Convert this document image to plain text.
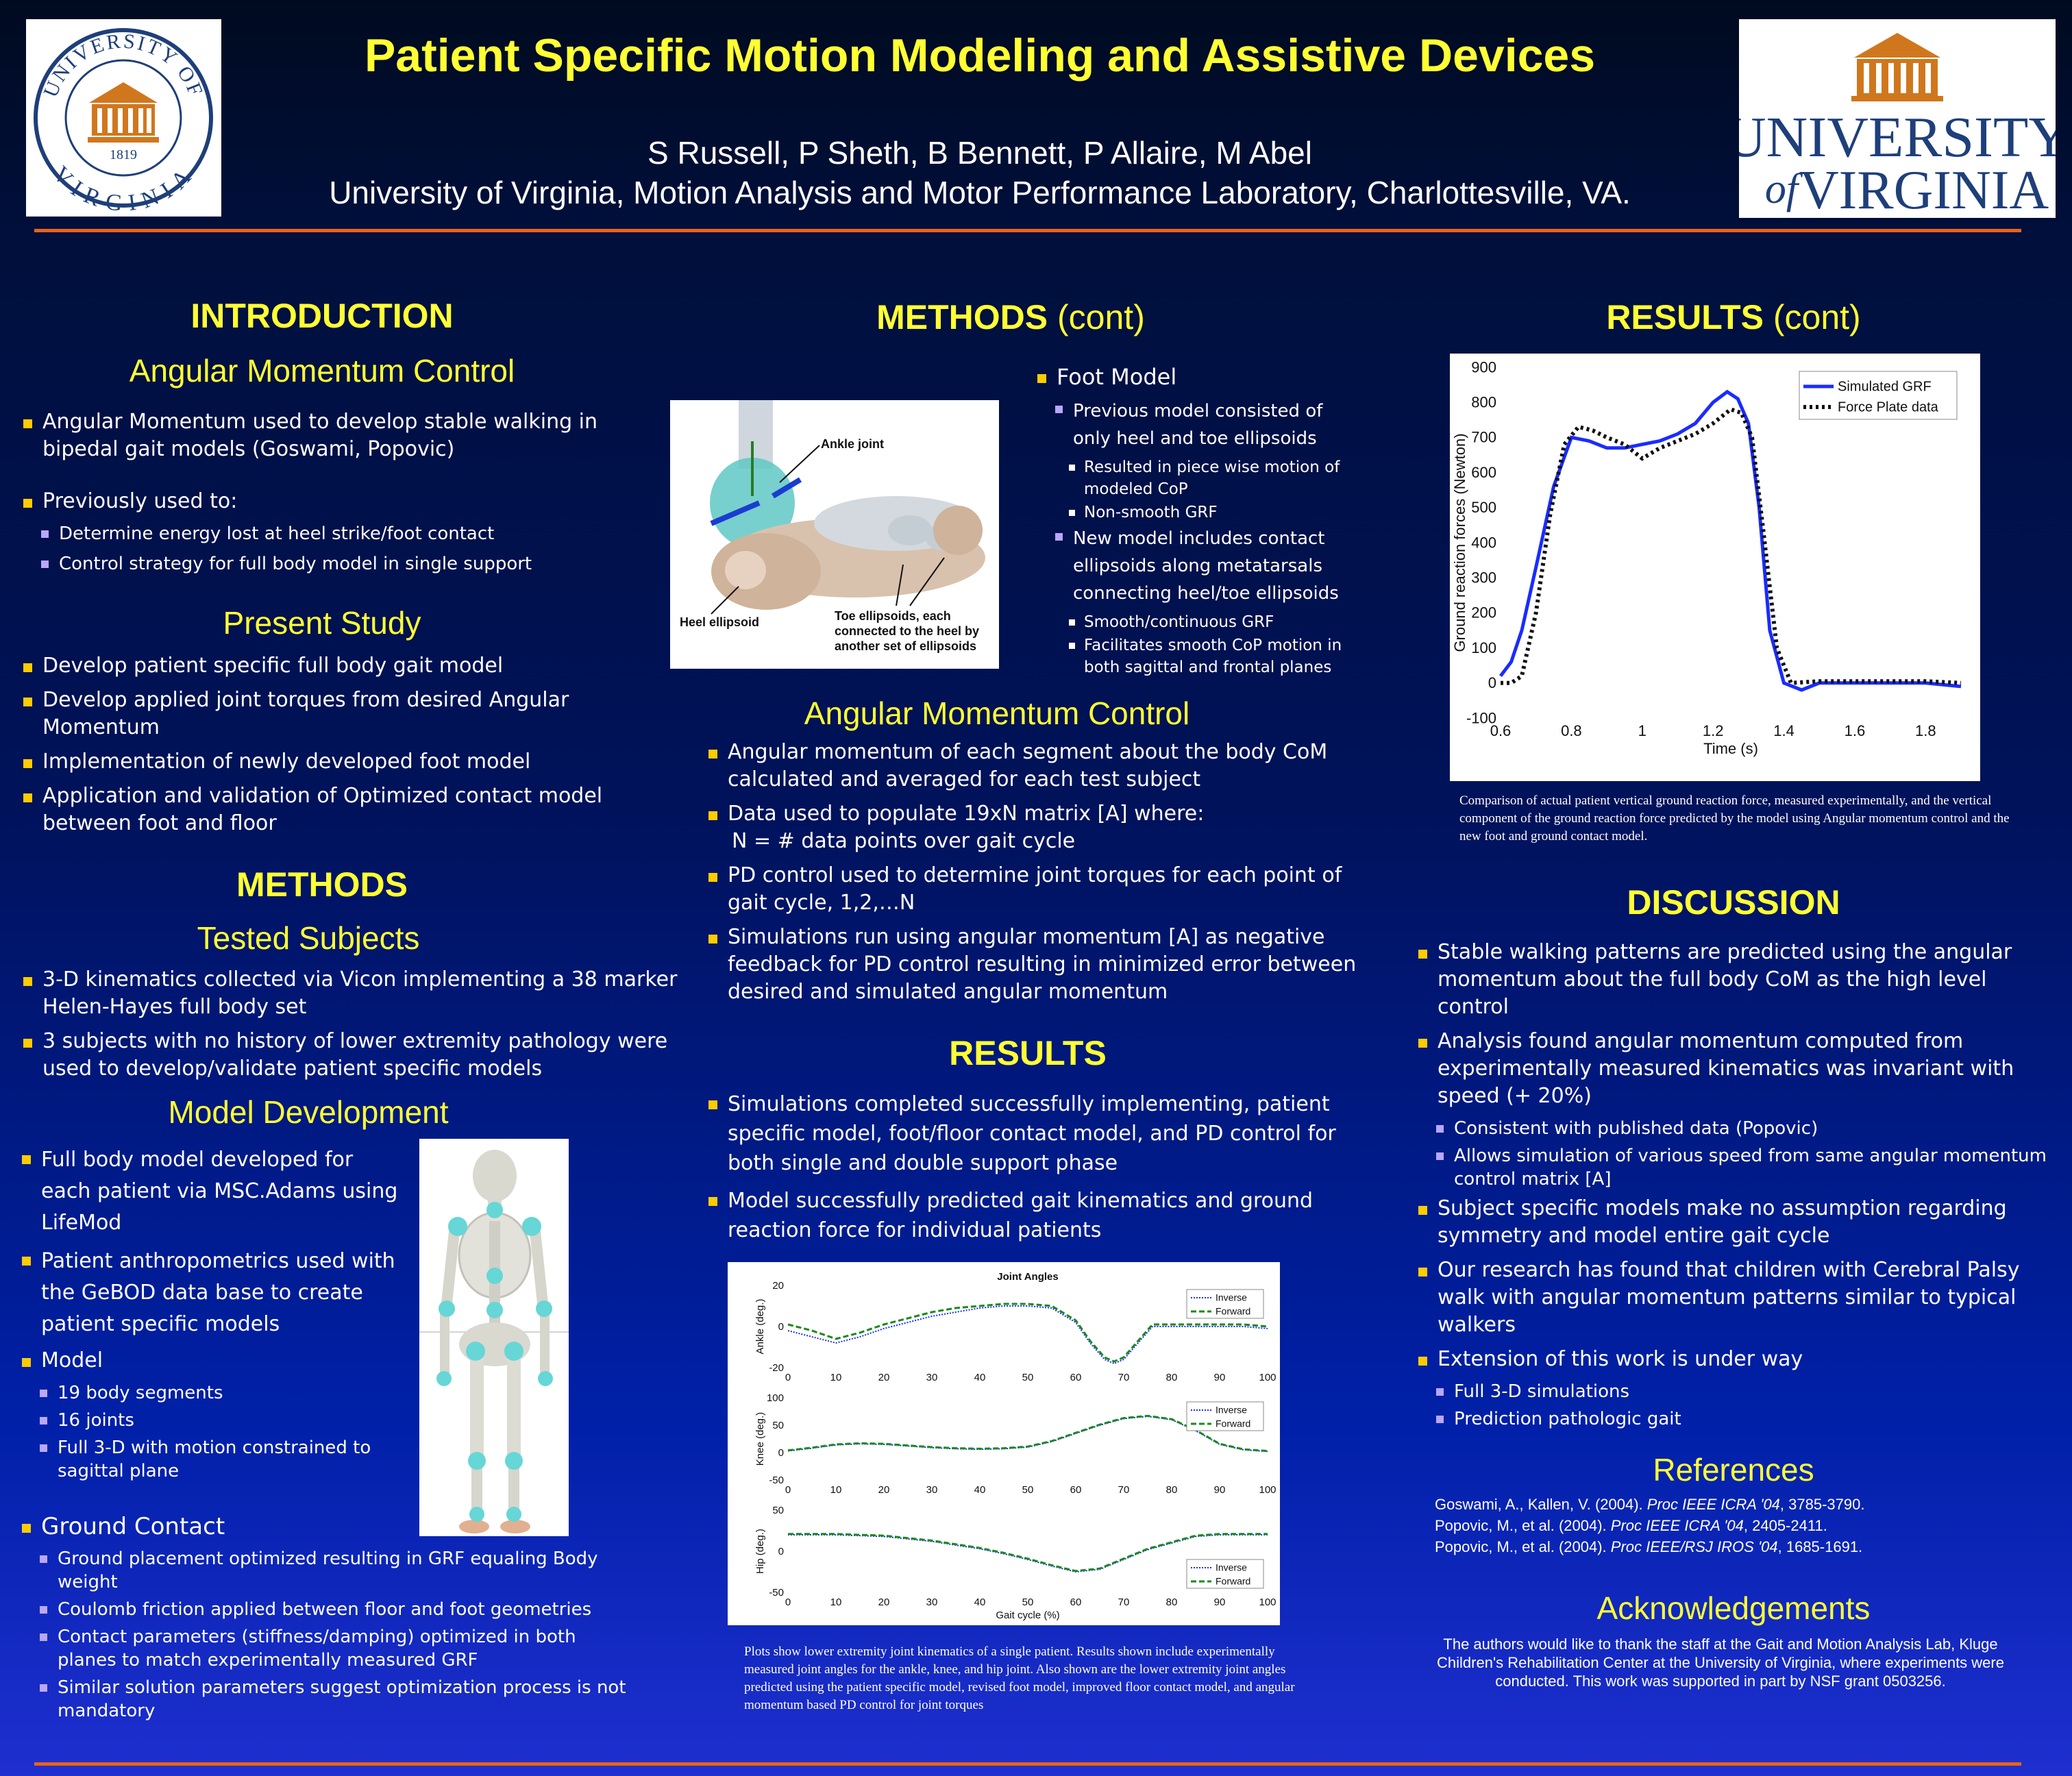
UNIVERSITY OF
VIRGINIA
1819
Patient Specific Motion Modeling and Assistive Devices
S Russell, P Sheth, B Bennett, P Allaire, M Abel
University of Virginia, Motion Analysis and Motor Performance Laboratory, Charlottesville, VA.
UNIVERSITY
of VIRGINIA
INTRODUCTION
Angular Momentum Control
Angular Momentum used to develop stable walking in bipedal gait models (Goswami, Popovic)
Previously used to:
Determine energy lost at heel strike/foot contact
Control strategy for full body model in single support
Present Study
Develop patient specific full body gait model
Develop applied joint torques from desired Angular Momentum
Implementation of newly developed foot model
Application and validation of Optimized contact model between foot and floor
METHODS
Tested Subjects
3-D kinematics collected via Vicon implementing a 38 marker Helen-Hayes full body set
3 subjects with no history of lower extremity pathology were used to develop/validate patient specific models
Model Development
Full body model developed for each patient via MSC.Adams using LifeMod
Patient anthropometrics used with the GeBOD data base to create patient specific models
Model
19 body segments
16 joints
Full 3-D with motion constrained to sagittal plane
Ground Contact
Ground placement optimized resulting in GRF equaling Body weight
Coulomb friction applied between floor and foot geometries
Contact parameters (stiffness/damping) optimized in both planes to match experimentally measured GRF
Similar solution parameters suggest optimization process is not mandatory
METHODS (cont)
Ankle joint
Heel ellipsoid	Toe ellipsoids, each connected to the heel by another set of ellipsoids
Foot Model
Previous model consisted of only heel and toe ellipsoids
Resulted in piece wise motion of modeled CoP
Non-smooth GRF
New model includes contact ellipsoids along metatarsals connecting heel/toe ellipsoids
Smooth/continuous GRF
Facilitates smooth CoP motion in both sagittal and frontal planes
Angular Momentum Control
Angular momentum of each segment about the body CoM calculated and averaged for each test subject
Data used to populate 19xN matrix [A] where:
N = # data points over gait cycle
PD control used to determine joint torques for each point of gait cycle, 1,2,…N
Simulations run using angular momentum [A] as negative feedback for PD control resulting in minimized error between desired and simulated angular momentum
RESULTS
Simulations completed successfully implementing, patient specific model, foot/floor contact model, and PD control for both single and double support phase
Model successfully predicted gait kinematics and ground reaction force for individual patients
0	10	20	30	40	50	60	70	80	90	100
-20
0
20
Ankle (deg.)
Joint Angles
Inverse
Forward
0	10	20	30	40	50	60	70	80	90	100
-50
0
50
100
Knee (deg.)
Inverse
Forward
0	10	20	30	40	50	60	70	80	90	100
-50
0
50
Hip (deg.)
Gait cycle (%)
Inverse
Forward
Plots show lower extremity joint kinematics of a single patient. Results shown include experimentally measured joint angles for the ankle, knee, and hip joint. Also shown are the lower extremity joint angles predicted using the patient specific model, revised foot model, improved floor contact model, and angular momentum based PD control for joint torques
RESULTS (cont)
0.6	0.8	1	1.2	1.4	1.6	1.8
-100
0
100
200
300
400
500
600
700
800
900
Ground reaction forces (Newton)
Time (s)
Simulated GRF
Force Plate data
Comparison of actual patient vertical ground reaction force, measured experimentally, and the vertical component of the ground reaction force predicted by the model using Angular momentum control and the new foot and ground contact model.
DISCUSSION
Stable walking patterns are predicted using the angular momentum about the full body CoM as the high level control
Analysis found angular momentum computed from experimentally measured kinematics was invariant with speed (+ 20%)
Consistent with published data (Popovic)
Allows simulation of various speed from same angular momentum control matrix [A]
Subject specific models make no assumption regarding symmetry and model entire gait cycle
Our research has found that children with Cerebral Palsy walk with angular momentum patterns similar to typical walkers
Extension of this work is under way
Full 3-D simulations
Prediction pathologic gait
References
Goswami, A., Kallen, V. (2004). Proc IEEE ICRA '04, 3785-3790.
Popovic, M., et al. (2004). Proc IEEE ICRA '04, 2405-2411.
Popovic, M., et al. (2004). Proc IEEE/RSJ IROS '04, 1685-1691.
Acknowledgements
The authors would like to thank the staff at the Gait and Motion Analysis Lab, Kluge Children's Rehabilitation Center at the University of Virginia, where experiments were conducted. This work was supported in part by NSF grant 0503256.
